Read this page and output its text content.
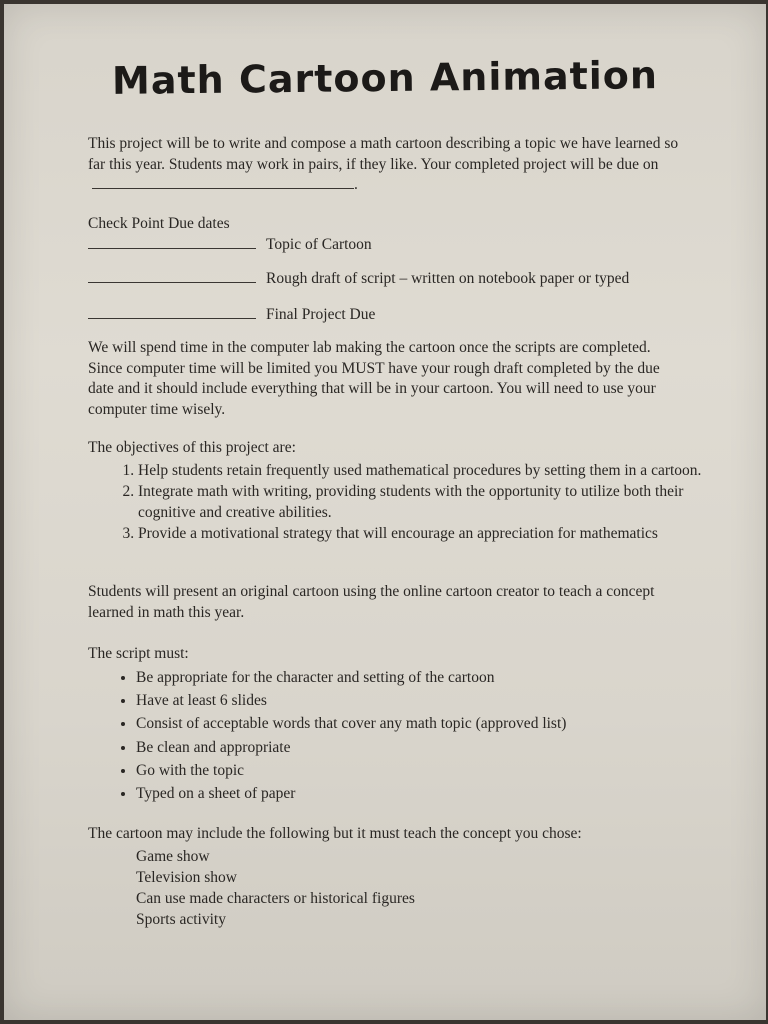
Math Cartoon Animation
This project will be to write and compose a math cartoon describing a topic we have learned so far this year. Students may work in pairs, if they like. Your completed project will be due on .
Check Point Due dates
Topic of Cartoon
Rough draft of script – written on notebook paper or typed
Final Project Due
We will spend time in the computer lab making the cartoon once the scripts are completed. Since computer time will be limited you MUST have your rough draft completed by the due date and it should include everything that will be in your cartoon. You will need to use your computer time wisely.
The objectives of this project are:
1. Help students retain frequently used mathematical procedures by setting them in a cartoon.
2. Integrate math with writing, providing students with the opportunity to utilize both their cognitive and creative abilities.
3. Provide a motivational strategy that will encourage an appreciation for mathematics
Students will present an original cartoon using the online cartoon creator to teach a concept learned in math this year.
The script must:
• Be appropriate for the character and setting of the cartoon
• Have at least 6 slides
• Consist of acceptable words that cover any math topic (approved list)
• Be clean and appropriate
• Go with the topic
• Typed on a sheet of paper
The cartoon may include the following but it must teach the concept you chose:
Game show
Television show
Can use made characters or historical figures
Sports activity
